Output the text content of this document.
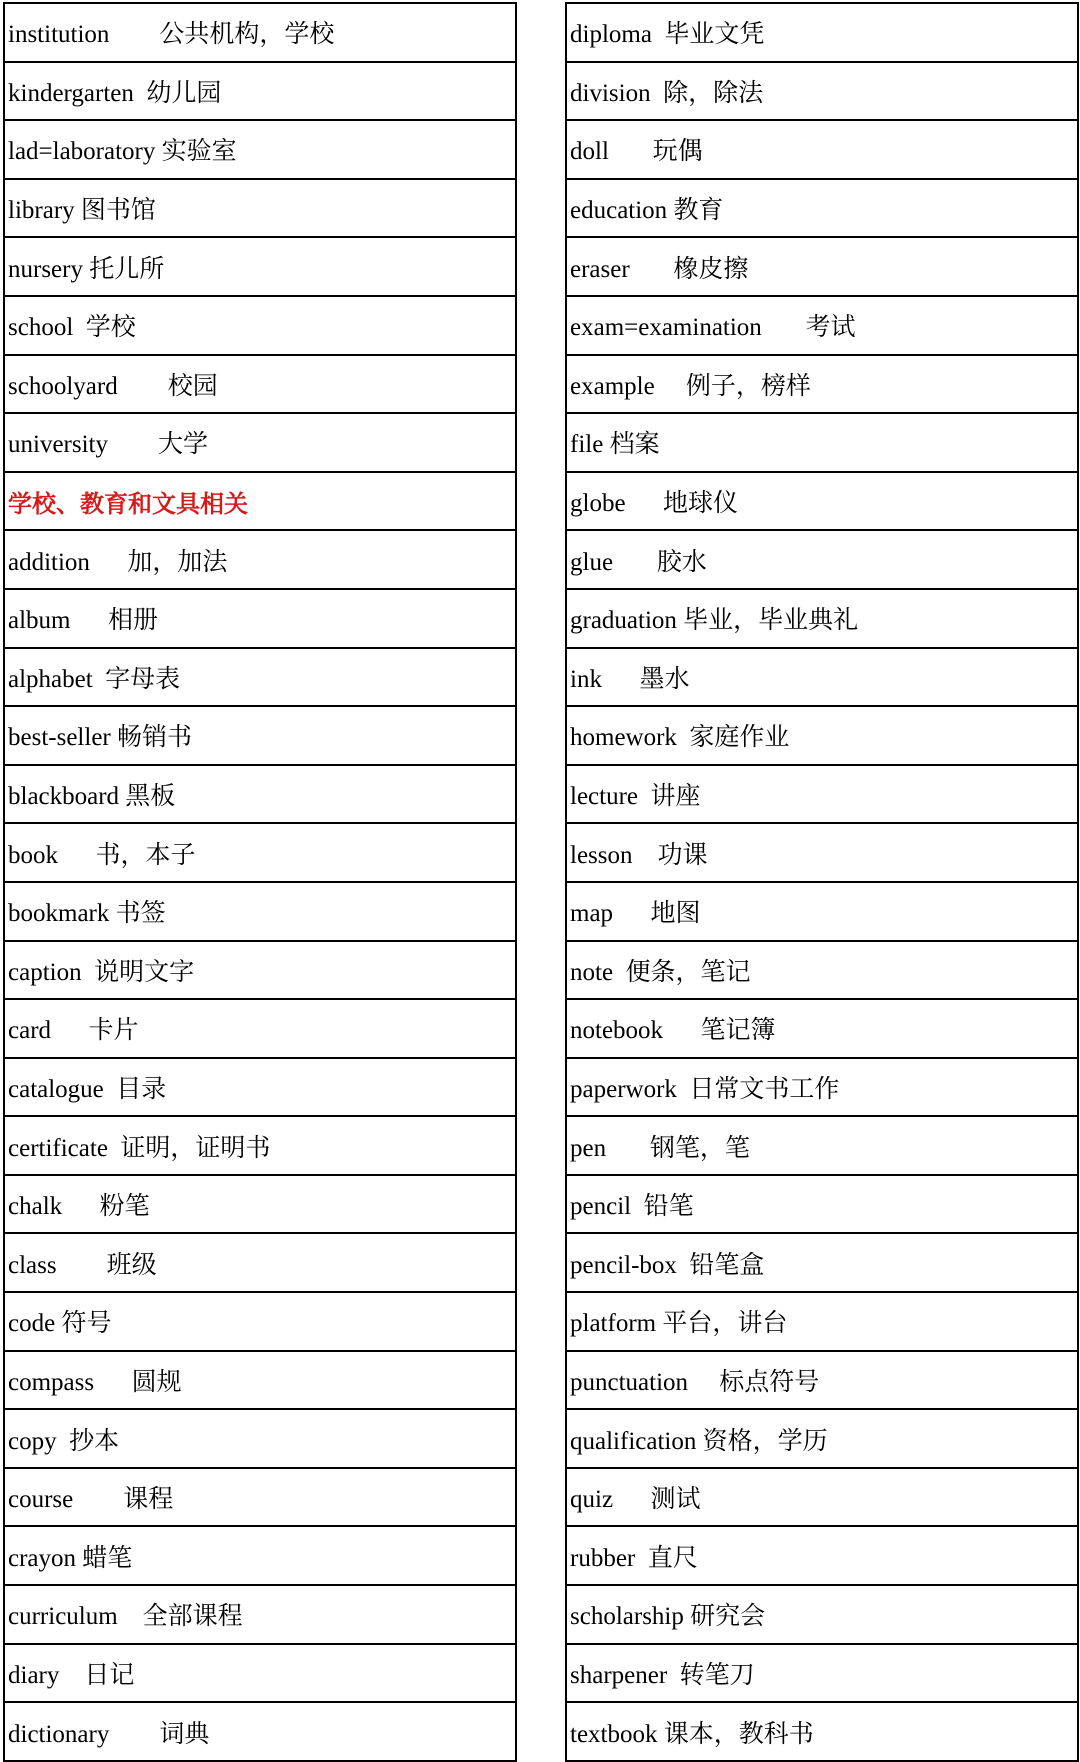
institution        公共机构，学校
kindergarten  幼儿园
lad=laboratory 实验室
library 图书馆
nursery 托儿所
school  学校
schoolyard        校园
university        大学
学校、教育和文具相关
addition      加，加法
album      相册
alphabet  字母表
best-seller 畅销书
blackboard 黑板
book      书，本子
bookmark 书签
caption  说明文字
card      卡片
catalogue  目录
certificate  证明，证明书
chalk      粉笔
class        班级
code 符号
compass      圆规
copy  抄本
course        课程
crayon 蜡笔
curriculum    全部课程
diary    日记
dictionary        词典
diploma  毕业文凭
division  除，除法
doll       玩偶
education 教育
eraser       橡皮擦
exam=examination       考试
example     例子，榜样
file 档案
globe      地球仪
glue       胶水
graduation 毕业，毕业典礼
ink      墨水
homework  家庭作业
lecture  讲座
lesson    功课
map      地图
note  便条，笔记
notebook      笔记簿
paperwork  日常文书工作
pen       钢笔，笔
pencil  铅笔
pencil-box  铅笔盒
platform 平台，讲台
punctuation     标点符号
qualification 资格，学历
quiz      测试
rubber  直尺
scholarship 研究会
sharpener  转笔刀
textbook 课本，教科书
